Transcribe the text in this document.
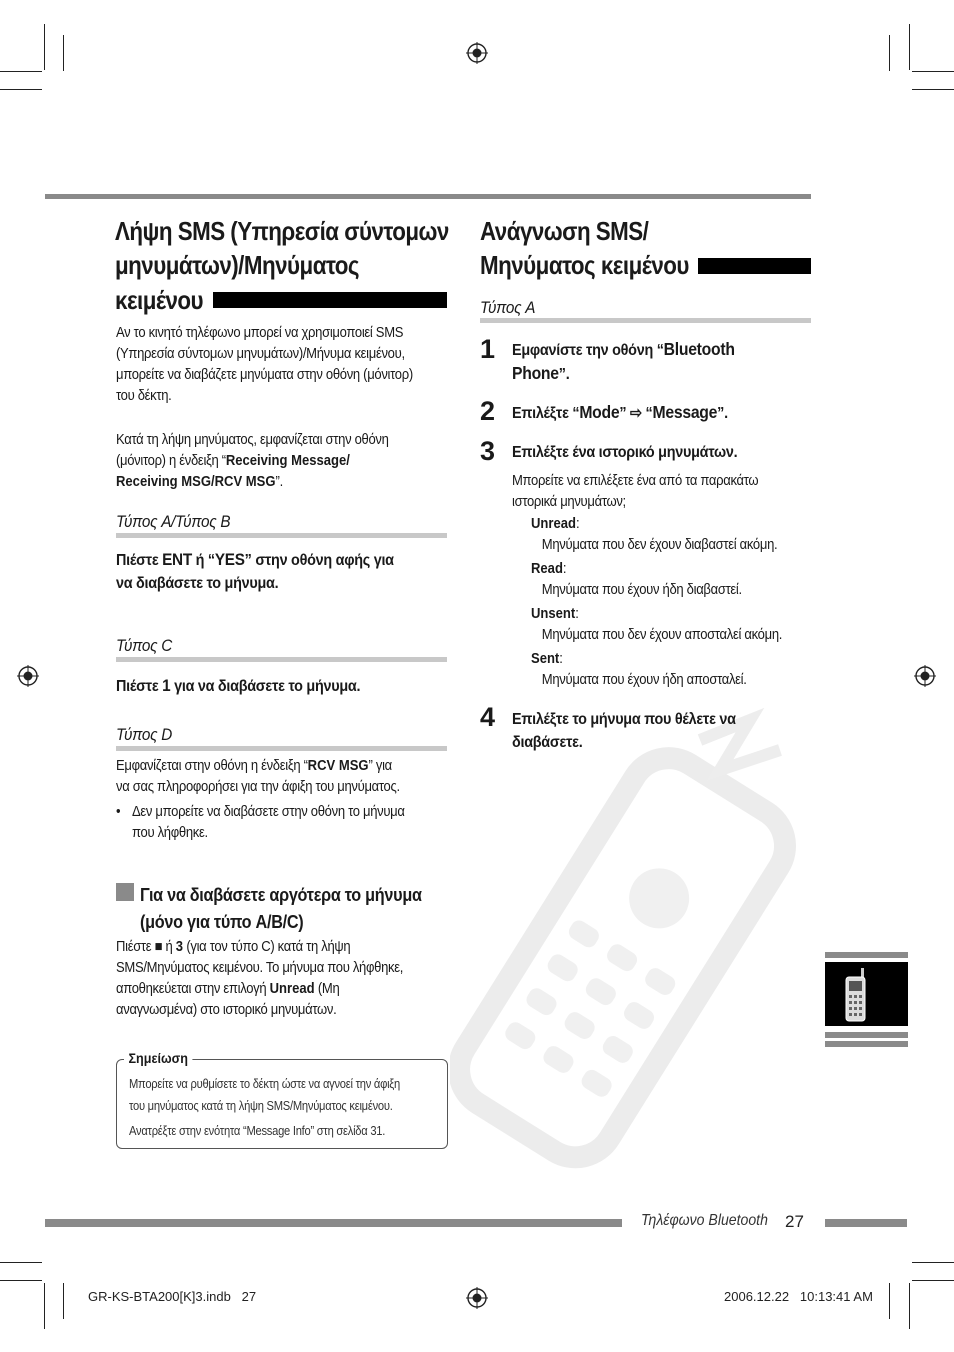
Λήψη SMS (Υπηρεσία σύντομων
μηνυμάτων)/Μηνύματος
κειμένου
Αν το κινητό τηλέφωνο μπορεί να χρησιμοποιεί SMS
(Υπηρεσία σύντομων μηνυμάτων)/Μήνυμα κειμένου,
μπορείτε να διαβάζετε μηνύματα στην οθόνη (μόνιτορ)
του δέκτη.
Κατά τη λήψη μηνύματος, εμφανίζεται στην οθόνη
(μόνιτορ) η ένδειξη “Receiving Message/
Receiving MSG/RCV MSG”.
Τύπος A/Τύπος B
Πιέστε ENT ή “YES” στην οθόνη αφής για
να διαβάσετε το μήνυμα.
Τύπος C
Πιέστε 1 για να διαβάσετε το μήνυμα.
Τύπος D
Εμφανίζεται στην οθόνη η ένδειξη “RCV MSG” για
να σας πληροφορήσει για την άφιξη του μηνύματος.
• Δεν μπορείτε να διαβάσετε στην οθόνη το μήνυμα
που λήφθηκε.
Για να διαβάσετε αργότερα το μήνυμα
(μόνο για τύπο A/B/C)
Πιέστε ■ ή 3 (για τον τύπο C) κατά τη λήψη
SMS/Μηνύματος κειμένου. Το μήνυμα που λήφθηκε,
αποθηκεύεται στην επιλογή Unread (Μη
αναγνωσμένα) στο ιστορικό μηνυμάτων.
Σημείωση
Μπορείτε να ρυθμίσετε το δέκτη ώστε να αγνοεί την άφιξη
του μηνύματος κατά τη λήψη SMS/Μηνύματος κειμένου.
Ανατρέξτε στην ενότητα “Message Info” στη σελίδα 31.
Ανάγνωση SMS/
Μηνύματος κειμένου
Τύπος A
1 Εμφανίστε την οθόνη “Bluetooth
Phone”.
2 Επιλέξτε “Mode” ⇨ “Message”.
3 Επιλέξτε ένα ιστορικό μηνυμάτων.
Μπορείτε να επιλέξετε ένα από τα παρακάτω
ιστορικά μηνυμάτων;
Unread:
Μηνύματα που δεν έχουν διαβαστεί ακόμη.
Read:
Μηνύματα που έχουν ήδη διαβαστεί.
Unsent:
Μηνύματα που δεν έχουν αποσταλεί ακόμη.
Sent:
Μηνύματα που έχουν ήδη αποσταλεί.
4 Επιλέξτε το μήνυμα που θέλετε να
διαβάσετε.
Τηλέφωνο Bluetooth 27
GR-KS-BTA200[K]3.indb   27	2006.12.22   10:13:41 AM
